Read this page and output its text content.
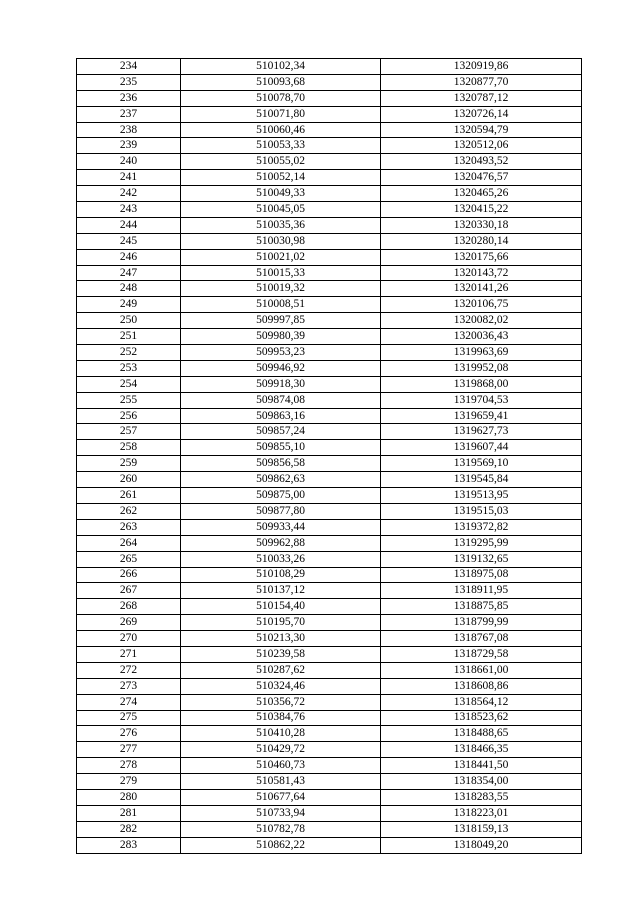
234	510102,34	1320919,86
235	510093,68	1320877,70
236	510078,70	1320787,12
237	510071,80	1320726,14
238	510060,46	1320594,79
239	510053,33	1320512,06
240	510055,02	1320493,52
241	510052,14	1320476,57
242	510049,33	1320465,26
243	510045,05	1320415,22
244	510035,36	1320330,18
245	510030,98	1320280,14
246	510021,02	1320175,66
247	510015,33	1320143,72
248	510019,32	1320141,26
249	510008,51	1320106,75
250	509997,85	1320082,02
251	509980,39	1320036,43
252	509953,23	1319963,69
253	509946,92	1319952,08
254	509918,30	1319868,00
255	509874,08	1319704,53
256	509863,16	1319659,41
257	509857,24	1319627,73
258	509855,10	1319607,44
259	509856,58	1319569,10
260	509862,63	1319545,84
261	509875,00	1319513,95
262	509877,80	1319515,03
263	509933,44	1319372,82
264	509962,88	1319295,99
265	510033,26	1319132,65
266	510108,29	1318975,08
267	510137,12	1318911,95
268	510154,40	1318875,85
269	510195,70	1318799,99
270	510213,30	1318767,08
271	510239,58	1318729,58
272	510287,62	1318661,00
273	510324,46	1318608,86
274	510356,72	1318564,12
275	510384,76	1318523,62
276	510410,28	1318488,65
277	510429,72	1318466,35
278	510460,73	1318441,50
279	510581,43	1318354,00
280	510677,64	1318283,55
281	510733,94	1318223,01
282	510782,78	1318159,13
283	510862,22	1318049,20
